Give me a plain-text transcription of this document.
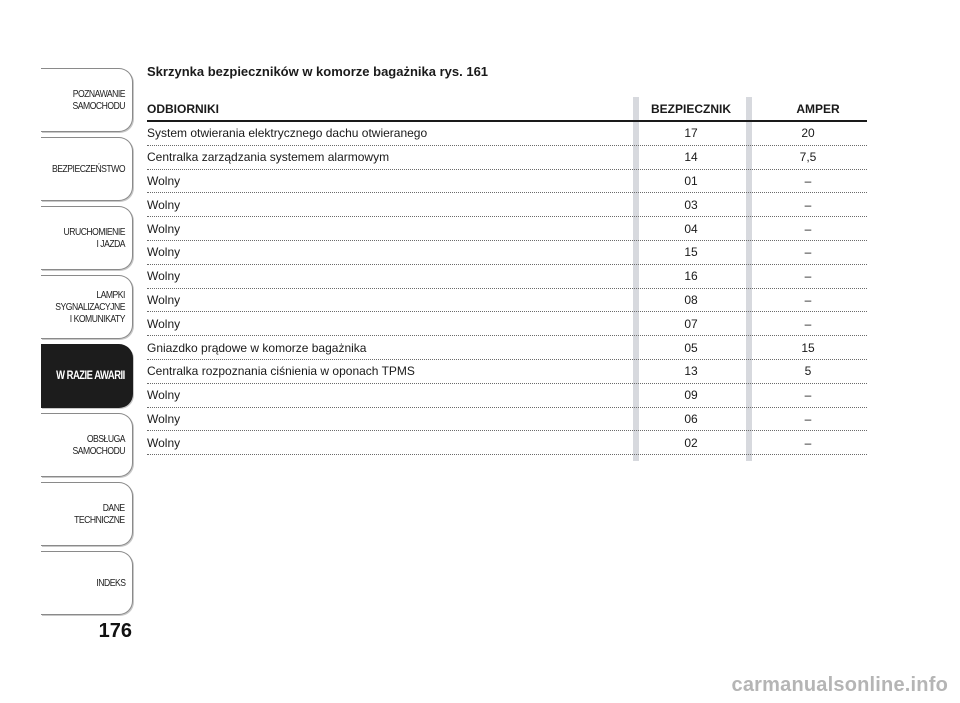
POZNAWANIE
SAMOCHODU
BEZPIECZEŃSTWO
URUCHOMIENIE
I JAZDA
LAMPKI
SYGNALIZACYJNE
I KOMUNIKATY
W RAZIE AWARII
OBSŁUGA
SAMOCHODU
DANE
TECHNICZNE
INDEKS
176
Skrzynka bezpieczników w komorze bagażnika rys. 161
ODBIORNIKI	BEZPIECZNIK	AMPER
System otwierania elektrycznego dachu otwieranego	17	20
Centralka zarządzania systemem alarmowym	14	7,5
Wolny	01	–
Wolny	03	–
Wolny	04	–
Wolny	15	–
Wolny	16	–
Wolny	08	–
Wolny	07	–
Gniazdko prądowe w komorze bagażnika	05	15
Centralka rozpoznania ciśnienia w oponach TPMS	13	5
Wolny	09	–
Wolny	06	–
Wolny	02	–
carmanualsonline.info
